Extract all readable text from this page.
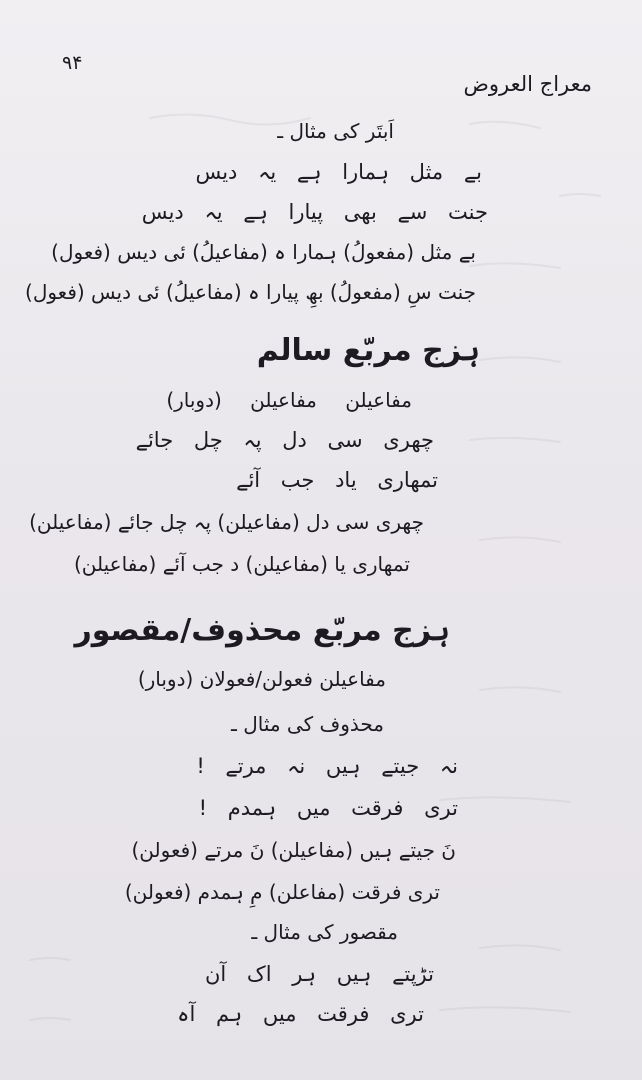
۹۴
معراج العروض
اَبتَر کی مثال ـ
بے مثل ہمارا ہے یہ دیس
جنت سے بھی پیارا ہے یہ دیس
بے مثل (مفعولُ) ہمارا ہ (مفاعیلُ) ئی دیس (فعول)
جنت سِ (مفعولُ) بھِ پیارا ہ (مفاعیلُ) ئی دیس (فعول)
ہزج مربّع سالم
مفاعیلن مفاعیلن (دوبار)
چھری سی دل پہ چل جائے
تمھاری یاد جب آئے
چھری سی دل (مفاعیلن) پہ چل جائے (مفاعیلن)
تمھاری یا (مفاعیلن) د جب آئے (مفاعیلن)
ہزج مربّع محذوف/مقصور
مفاعیلن فعولن/فعولان (دوبار)
محذوف کی مثال ـ
نہ جیتے ہیں نہ مرتے !
تری فرقت میں ہمدم !
نَ جیتے ہیں (مفاعیلن) نَ مرتے (فعولن)
تری فرقت (مفاعلن) مِ ہمدم (فعولن)
مقصور کی مثال ـ
تڑپتے ہیں ہر اک آن
تری فرقت میں ہم آہ
